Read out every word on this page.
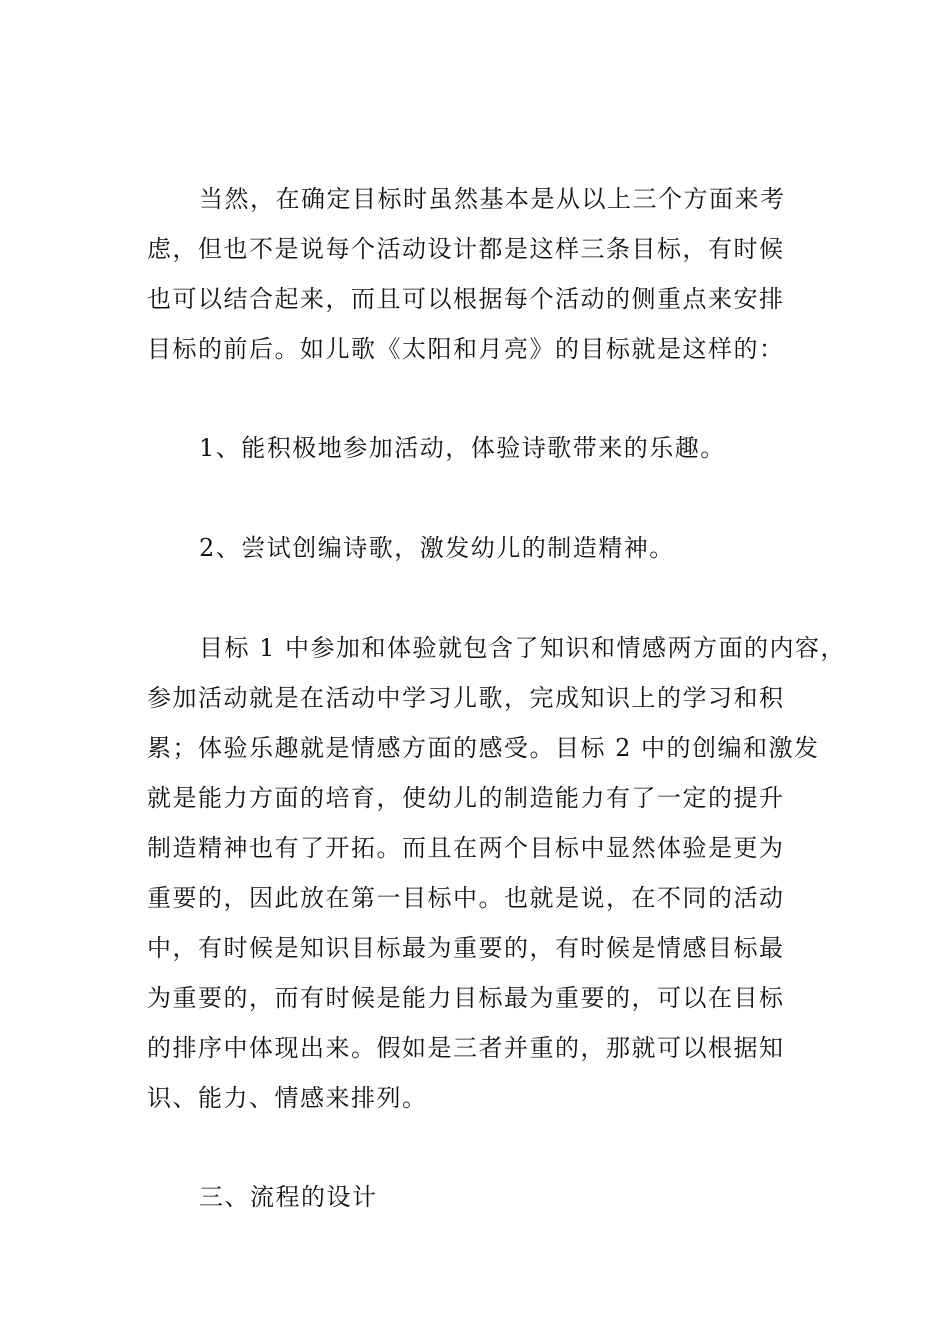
当然，在确定目标时虽然基本是从以上三个方面来考
虑，但也不是说每个活动设计都是这样三条目标，有时候
也可以结合起来，而且可以根据每个活动的侧重点来安排
目标的前后。如儿歌《太阳和月亮》的目标就是这样的：
1、能积极地参加活动，体验诗歌带来的乐趣。
2、尝试创编诗歌，激发幼儿的制造精神。
目标 1 中参加和体验就包含了知识和情感两方面的内容，
参加活动就是在活动中学习儿歌，完成知识上的学习和积
累；体验乐趣就是情感方面的感受。目标 2 中的创编和激发
就是能力方面的培育，使幼儿的制造能力有了一定的提升
制造精神也有了开拓。而且在两个目标中显然体验是更为
重要的，因此放在第一目标中。也就是说，在不同的活动
中，有时候是知识目标最为重要的，有时候是情感目标最
为重要的，而有时候是能力目标最为重要的，可以在目标
的排序中体现出来。假如是三者并重的，那就可以根据知
识、能力、情感来排列。
三、流程的设计
